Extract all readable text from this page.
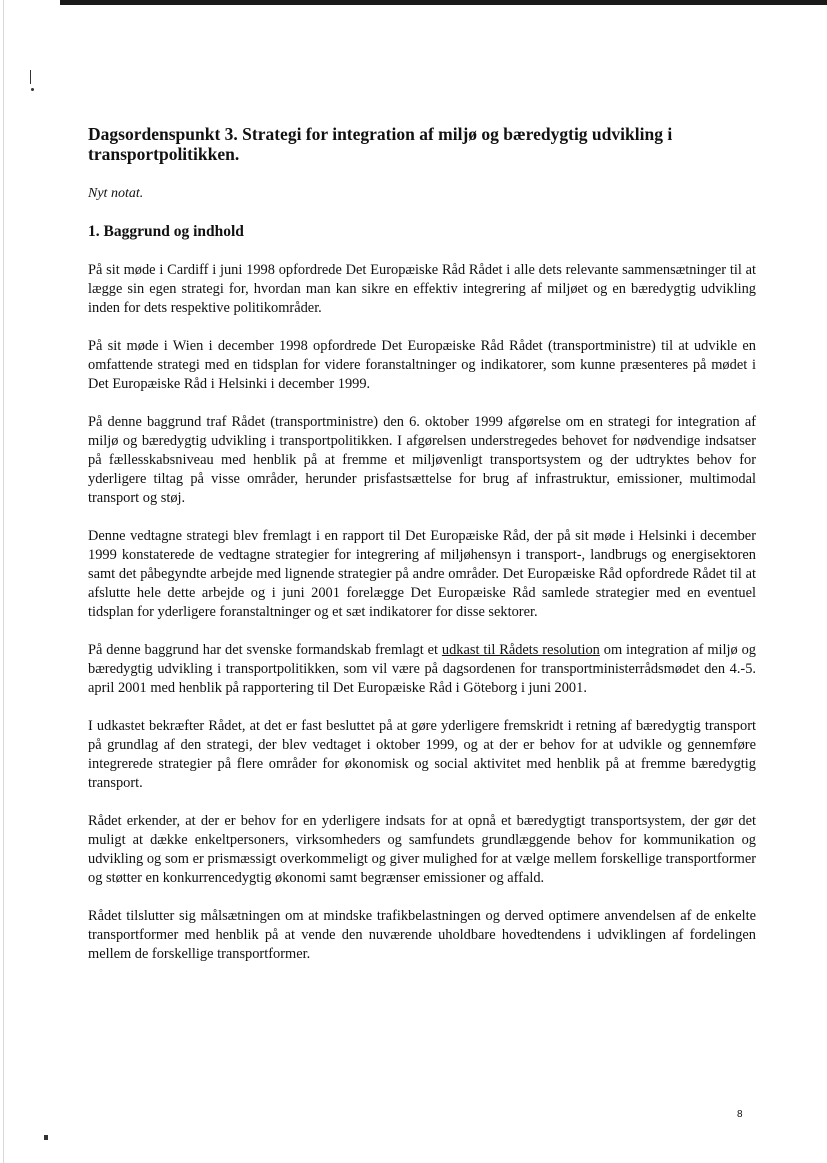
Dagsordenspunkt 3. Strategi for integration af miljø og bæredygtig udvikling i transportpolitikken.
Nyt notat.
1. Baggrund og indhold

På sit møde i Cardiff i juni 1998 opfordrede Det Europæiske Råd Rådet i alle dets relevante sammensætninger til at lægge sin egen strategi for, hvordan man kan sikre en effektiv integrering af miljøet og en bæredygtig udvikling inden for dets respektive politikområder.

På sit møde i Wien i december 1998 opfordrede Det Europæiske Råd Rådet (transportministre) til at udvikle en omfattende strategi med en tidsplan for videre foranstaltninger og indikatorer, som kunne præsenteres på mødet i Det Europæiske Råd i Helsinki i december 1999.

På denne baggrund traf Rådet (transportministre) den 6. oktober 1999 afgørelse om en strategi for integration af miljø og bæredygtig udvikling i transportpolitikken. I afgørelsen understregedes behovet for nødvendige indsatser på fællesskabsniveau med henblik på at fremme et miljøvenligt transportsystem og der udtryktes behov for yderligere tiltag på visse områder, herunder prisfastsættelse for brug af infrastruktur, emissioner, multimodal transport og støj.

Denne vedtagne strategi blev fremlagt i en rapport til Det Europæiske Råd, der på sit møde i Helsinki i december 1999 konstaterede de vedtagne strategier for integrering af miljøhensyn i transport-, landbrugs og energisektoren samt det påbegyndte arbejde med lignende strategier på andre områder. Det Europæiske Råd opfordrede Rådet til at afslutte hele dette arbejde og i juni 2001 forelægge Det Europæiske Råd samlede strategier med en eventuel tidsplan for yderligere foranstaltninger og et sæt indikatorer for disse sektorer.

På denne baggrund har det svenske formandskab fremlagt et udkast til Rådets resolution om integration af miljø og bæredygtig udvikling i transportpolitikken, som vil være på dagsordenen for transportministerrådsmødet den 4.-5. april 2001 med henblik på rapportering til Det Europæiske Råd i Göteborg i juni 2001.

I udkastet bekræfter Rådet, at det er fast besluttet på at gøre yderligere fremskridt i retning af bæredygtig transport på grundlag af den strategi, der blev vedtaget i oktober 1999, og at der er behov for at udvikle og gennemføre integrerede strategier på flere områder for økonomisk og social aktivitet med henblik på at fremme bæredygtig transport.

Rådet erkender, at der er behov for en yderligere indsats for at opnå et bæredygtigt transportsystem, der gør det muligt at dække enkeltpersoners, virksomheders og samfundets grundlæggende behov for kommunikation og udvikling og som er prismæssigt overkommeligt og giver mulighed for at vælge mellem forskellige transportformer og støtter en konkurrencedygtig økonomi samt begrænser emissioner og affald.

Rådet tilslutter sig målsætningen om at mindske trafikbelastningen og derved optimere anvendelsen af de enkelte transportformer med henblik på at vende den nuværende uholdbare hovedtendens i udviklingen af fordelingen mellem de forskellige transportformer.

8
